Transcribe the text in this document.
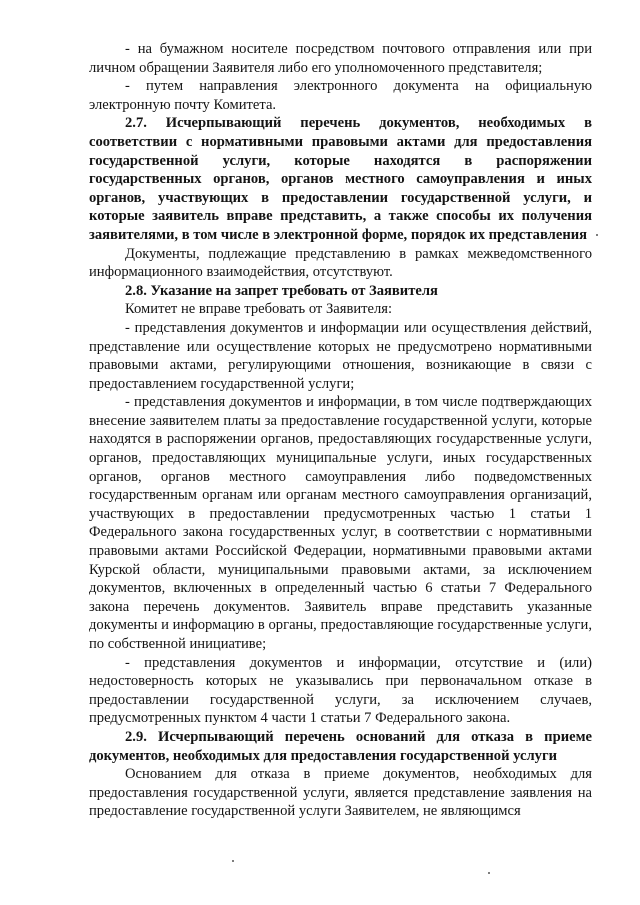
- на бумажном носителе посредством почтового отправления или при личном обращении Заявителя либо его уполномоченного представителя;

- путем направления электронного документа на официальную электронную почту Комитета.

2.7. Исчерпывающий перечень документов, необходимых в соответствии с нормативными правовыми актами для предоставления государственной услуги, которые находятся в распоряжении государственных органов, органов местного самоуправления и иных органов, участвующих в предоставлении государственной услуги, и которые заявитель вправе представить, а также способы их получения заявителями, в том числе в электронной форме, порядок их представления

Документы, подлежащие представлению в рамках межведомственного информационного взаимодействия, отсутствуют.

2.8. Указание на запрет требовать от Заявителя

Комитет не вправе требовать от Заявителя:

- представления документов и информации или осуществления действий, представление или осуществление которых не предусмотрено нормативными правовыми актами, регулирующими отношения, возникающие в связи с предоставлением государственной услуги;

- представления документов и информации, в том числе подтверждающих внесение заявителем платы за предоставление государственной услуги, которые находятся в распоряжении органов, предоставляющих государственные услуги, органов, предоставляющих муниципальные услуги, иных государственных органов, органов местного самоуправления либо подведомственных государственным органам или органам местного самоуправления организаций, участвующих в предоставлении предусмотренных частью 1 статьи 1 Федерального закона государственных услуг, в соответствии с нормативными правовыми актами Российской Федерации, нормативными правовыми актами Курской области, муниципальными правовыми актами, за исключением документов, включенных в определенный частью 6 статьи 7 Федерального закона перечень документов. Заявитель вправе представить указанные документы и информацию в органы, предоставляющие государственные услуги, по собственной инициативе;

- представления документов и информации, отсутствие и (или) недостоверность которых не указывались при первоначальном отказе в предоставлении государственной услуги, за исключением случаев, предусмотренных пунктом 4 части 1 статьи 7 Федерального закона.

2.9. Исчерпывающий перечень оснований для отказа в приеме документов, необходимых для предоставления государственной услуги

Основанием для отказа в приеме документов, необходимых для предоставления государственной услуги, является представление заявления на предоставление государственной услуги Заявителем, не являющимся
